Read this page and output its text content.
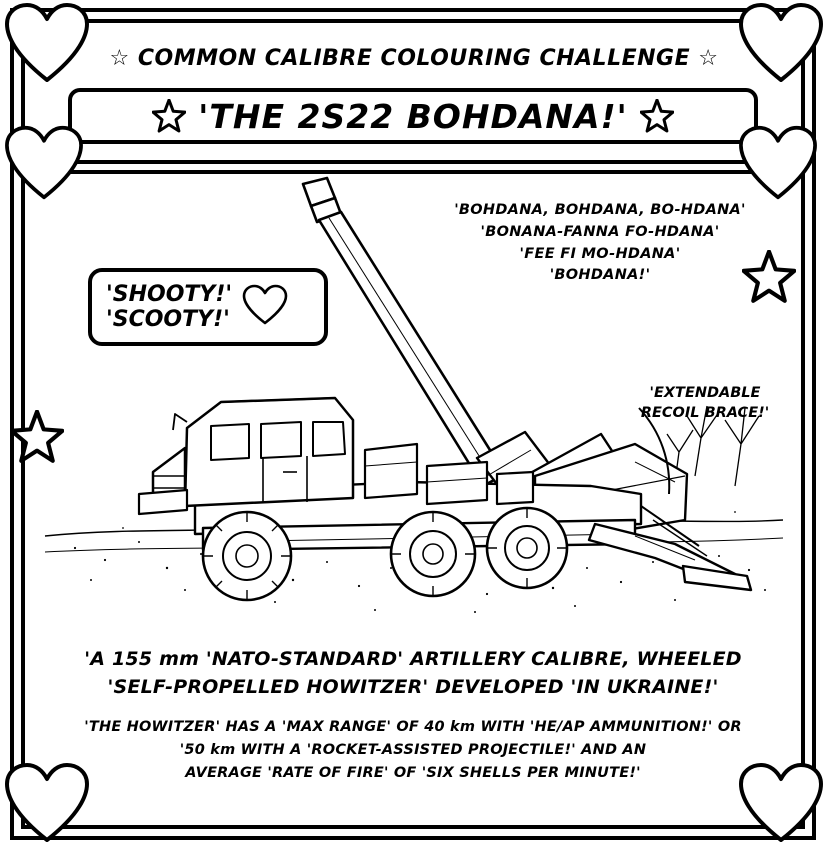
☆ COMMON CALIBRE COLOURING CHALLENGE ☆
'THE 2S22 BOHDANA!'
'BOHDANA, BOHDANA, BO-HDANA'
'BONANA-FANNA FO-HDANA'
'FEE FI MO-HDANA'
'BOHDANA!'
'SHOOTY!'
'SCOOTY!'
'EXTENDABLE
RECOIL BRACE!'
'A 155 mm 'NATO-STANDARD' ARTILLERY CALIBRE, WHEELED
'SELF-PROPELLED HOWITZER' DEVELOPED 'IN UKRAINE!'
'THE HOWITZER' HAS A 'MAX RANGE' OF 40 km WITH 'HE/AP AMMUNITION!' OR
'50 km WITH A 'ROCKET-ASSISTED PROJECTILE!' AND AN
AVERAGE 'RATE OF FIRE' OF 'SIX SHELLS PER MINUTE!'
